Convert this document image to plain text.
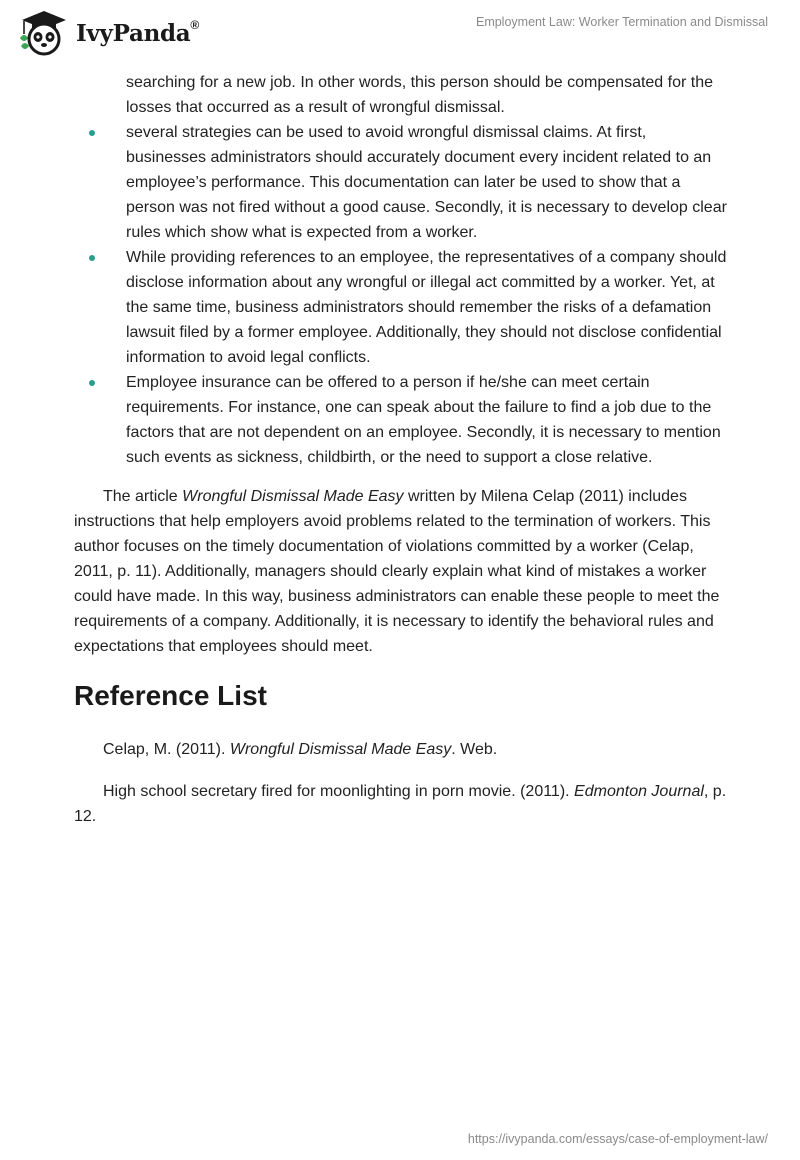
IvyPanda®	Employment Law: Worker Termination and Dismissal

searching for a new job. In other words, this person should be compensated for the losses that occurred as a result of wrongful dismissal.

several strategies can be used to avoid wrongful dismissal claims. At first, businesses administrators should accurately document every incident related to an employee’s performance. This documentation can later be used to show that a person was not fired without a good cause. Secondly, it is necessary to develop clear rules which show what is expected from a worker.
While providing references to an employee, the representatives of a company should disclose information about any wrongful or illegal act committed by a worker. Yet, at the same time, business administrators should remember the risks of a defamation lawsuit filed by a former employee. Additionally, they should not disclose confidential information to avoid legal conflicts.
Employee insurance can be offered to a person if he/she can meet certain requirements. For instance, one can speak about the failure to find a job due to the factors that are not dependent on an employee. Secondly, it is necessary to mention such events as sickness, childbirth, or the need to support a close relative.

The article Wrongful Dismissal Made Easy written by Milena Celap (2011) includes instructions that help employers avoid problems related to the termination of workers. This author focuses on the timely documentation of violations committed by a worker (Celap, 2011, p. 11). Additionally, managers should clearly explain what kind of mistakes a worker could have made. In this way, business administrators can enable these people to meet the requirements of a company. Additionally, it is necessary to identify the behavioral rules and expectations that employees should meet.

Reference List

Celap, M. (2011). Wrongful Dismissal Made Easy. Web.

High school secretary fired for moonlighting in porn movie. (2011). Edmonton Journal, p. 12.

https://ivypanda.com/essays/case-of-employment-law/
